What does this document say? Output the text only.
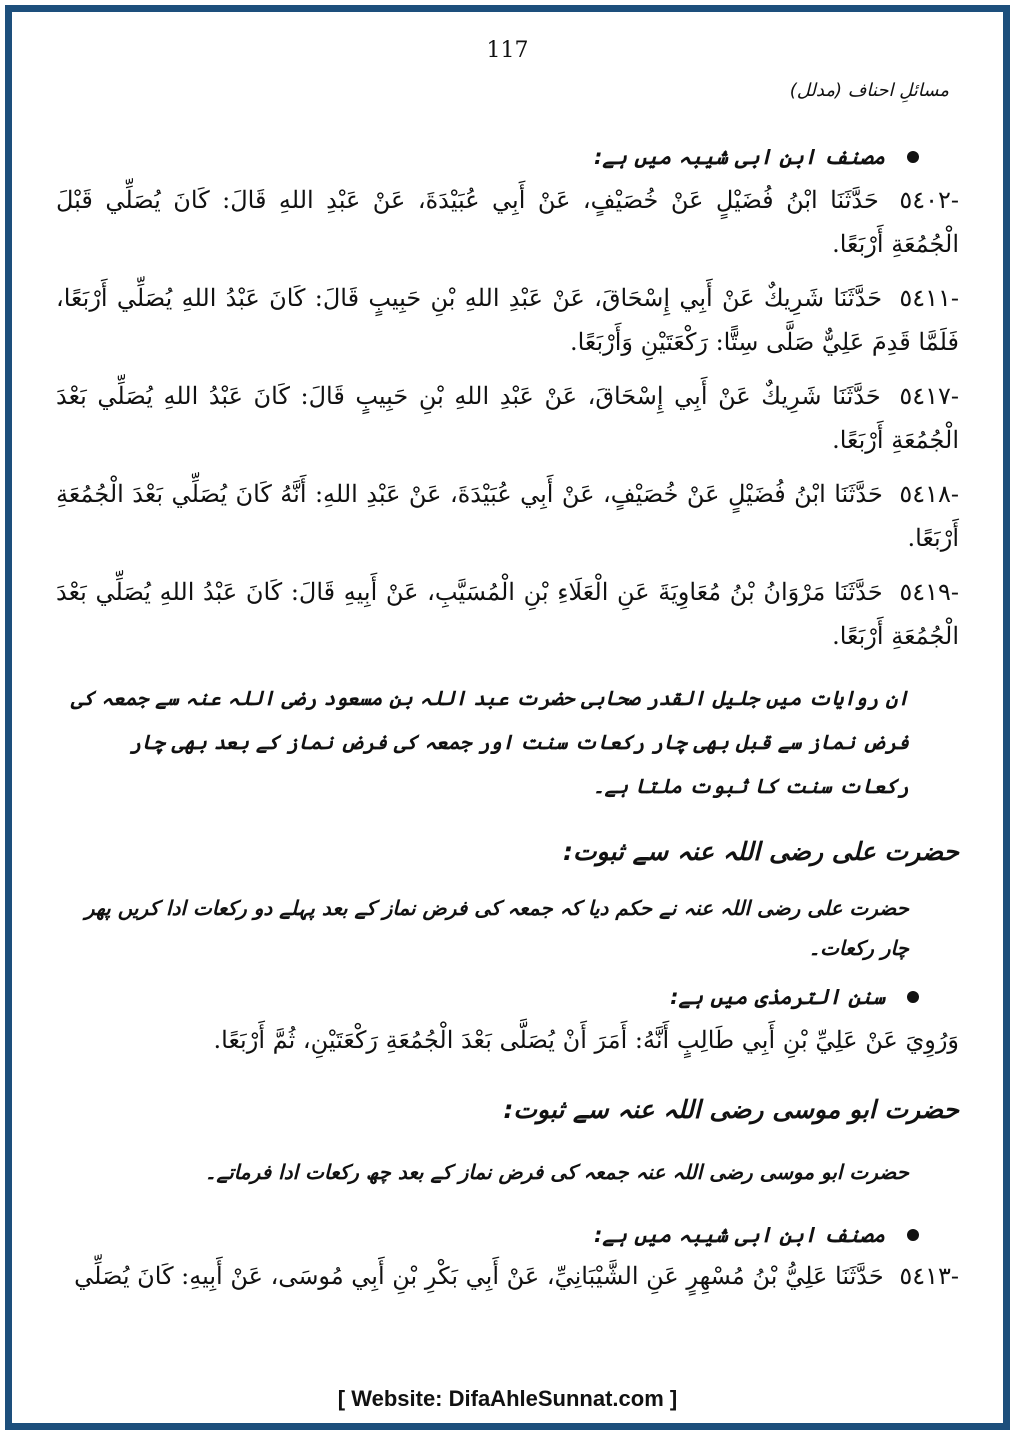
117
مسائلِ احناف (مدلل)
مصنف ابن ابی شیبہ میں ہے:

-٥٤٠٢ حَدَّثَنَا ابْنُ فُضَيْلٍ عَنْ خُصَيْفٍ، عَنْ أَبِي عُبَيْدَةَ، عَنْ عَبْدِ اللهِ قَالَ: كَانَ يُصَلِّي قَبْلَ الْجُمُعَةِ أَرْبَعًا.

-٥٤١١ حَدَّثَنَا شَرِيكٌ عَنْ أَبِي إِسْحَاقَ، عَنْ عَبْدِ اللهِ بْنِ حَبِيبٍ قَالَ: كَانَ عَبْدُ اللهِ يُصَلِّي أَرْبَعًا، فَلَمَّا قَدِمَ عَلِيٌّ صَلَّى سِتًّا: رَكْعَتَيْنِ وَأَرْبَعًا.

-٥٤١٧ حَدَّثَنَا شَرِيكٌ عَنْ أَبِي إِسْحَاقَ، عَنْ عَبْدِ اللهِ بْنِ حَبِيبٍ قَالَ: كَانَ عَبْدُ اللهِ يُصَلِّي بَعْدَ الْجُمُعَةِ أَرْبَعًا.

-٥٤١٨ حَدَّثَنَا ابْنُ فُضَيْلٍ عَنْ خُصَيْفٍ، عَنْ أَبِي عُبَيْدَةَ، عَنْ عَبْدِ اللهِ: أَنَّهُ كَانَ يُصَلِّي بَعْدَ الْجُمُعَةِ أَرْبَعًا.

-٥٤١٩ حَدَّثَنَا مَرْوَانُ بْنُ مُعَاوِيَةَ عَنِ الْعَلَاءِ بْنِ الْمُسَيَّبِ، عَنْ أَبِيهِ قَالَ: كَانَ عَبْدُ اللهِ يُصَلِّي بَعْدَ الْجُمُعَةِ أَرْبَعًا.

ان روایات میں جلیل القدر صحابی حضرت عبد اللہ بن مسعود رضی اللہ عنہ سے جمعہ کی فرض نماز سے قبل بھی چار رکعات سنت اور جمعہ کی فرض نماز کے بعد بھی چار رکعات سنت کا ثبوت ملتا ہے۔

حضرت علی رضی اللہ عنہ سے ثبوت:

حضرت علی رضی اللہ عنہ نے حکم دیا کہ جمعہ کی فرض نماز کے بعد پہلے دو رکعات ادا کریں پھر چار رکعات۔

سنن الترمذی میں ہے:

وَرُوِيَ عَنْ عَلِيِّ بْنِ أَبِي طَالِبٍ أَنَّهُ: أَمَرَ أَنْ يُصَلَّى بَعْدَ الْجُمُعَةِ رَكْعَتَيْنِ، ثُمَّ أَرْبَعًا.

حضرت ابو موسی رضی اللہ عنہ سے ثبوت:

حضرت ابو موسی رضی اللہ عنہ جمعہ کی فرض نماز کے بعد چھ رکعات ادا فرماتے۔

مصنف ابن ابی شیبہ میں ہے:

-٥٤١٣ حَدَّثَنَا عَلِيُّ بْنُ مُسْهِرٍ عَنِ الشَّيْبَانِيِّ، عَنْ أَبِي بَكْرِ بْنِ أَبِي مُوسَى، عَنْ أَبِيهِ: كَانَ يُصَلِّي

[ Website: DifaAhleSunnat.com ]
